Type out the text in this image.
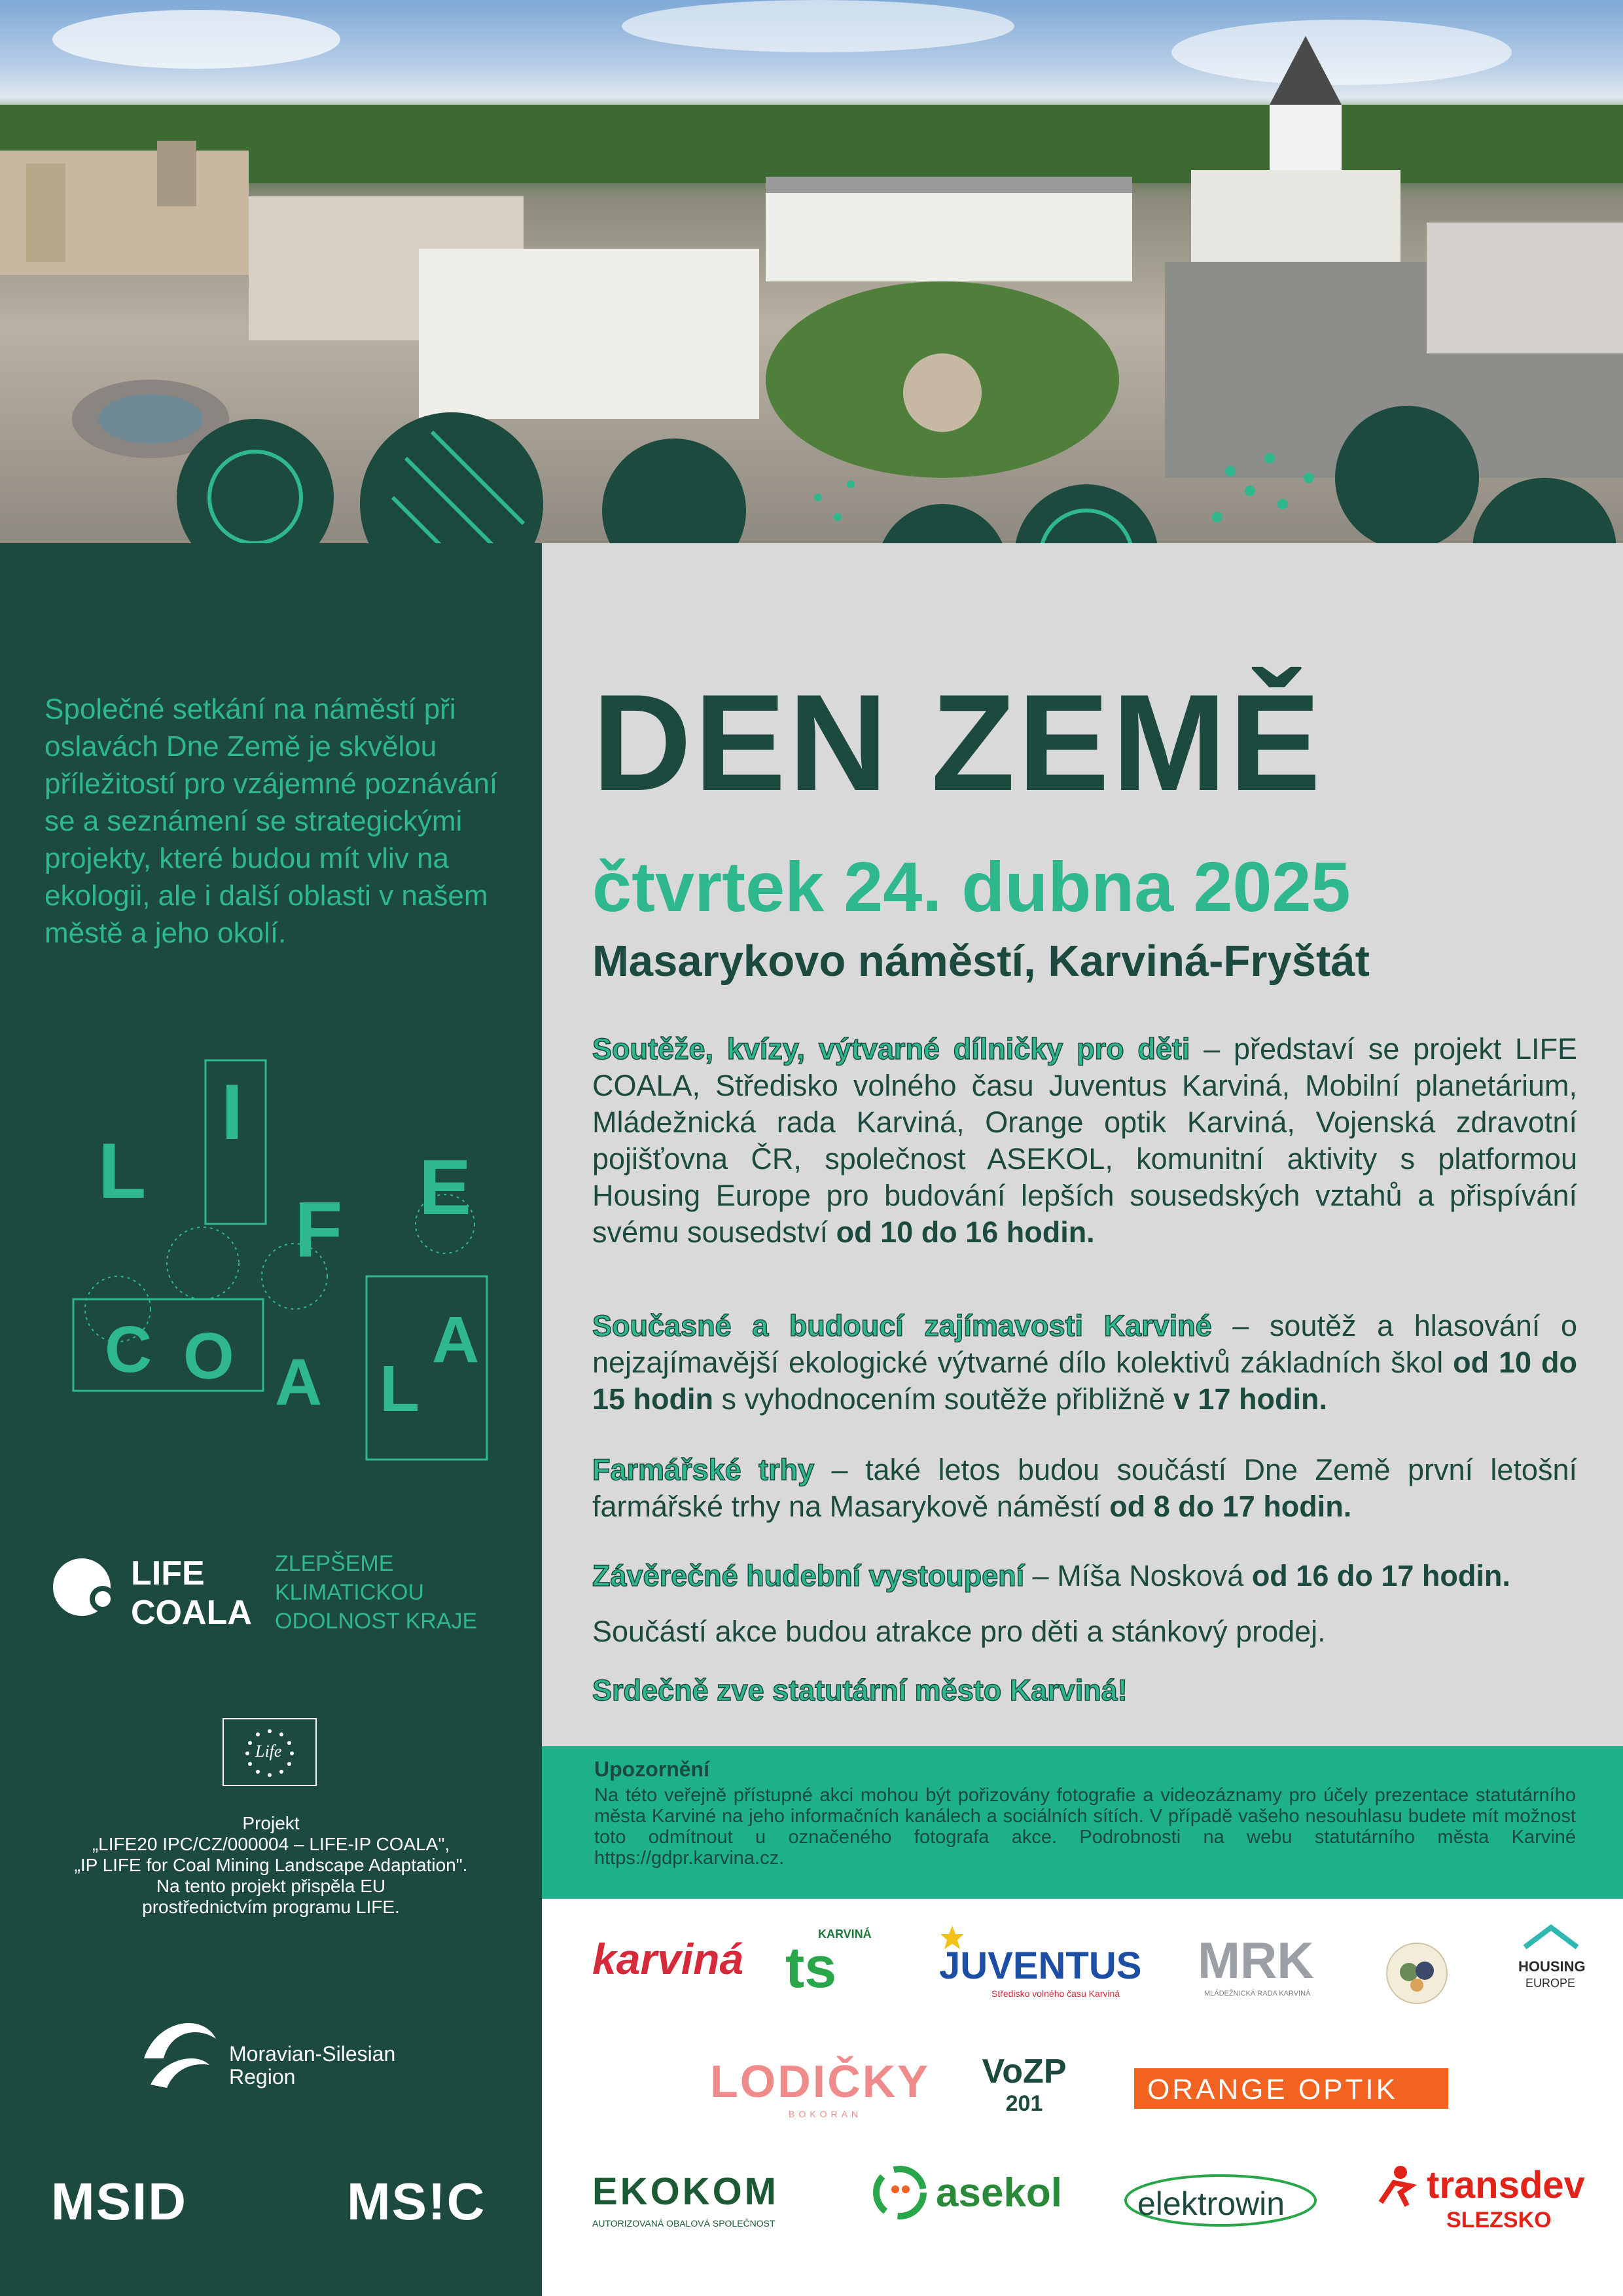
Společné setkání na náměstí při oslavách Dne Země je skvělou příležitostí pro vzájemné poznávání se a seznámení se strategickými projekty, které budou mít vliv na ekologii, ale i další oblasti v našem městě a jeho okolí.
L
I
F E
C O A L
A
LIFE
COALA
ZLEPŠEME
KLIMATICKOU
ODOLNOST KRAJE
Life
Projekt
„LIFE20 IPC/CZ/000004 – LIFE-IP COALA",
„IP LIFE for Coal Mining Landscape Adaptation".
Na tento projekt přispěla EU
prostřednictvím programu LIFE.
Moravian-Silesian
Region
MSID	MS!C
DEN ZEMĚ
čtvrtek 24. dubna 2025
Masarykovo náměstí, Karviná-Fryštát
Soutěže, kvízy, výtvarné dílničky pro děti – představí se projekt LIFE COALA, Středisko volného času Juventus Karviná, Mobilní planetárium, Mládežnická rada Karviná, Orange optik Karviná, Vojenská zdravotní pojišťovna ČR, společnost ASEKOL, komunitní aktivity s platformou Housing Europe pro budování lepších sousedských vztahů a přispívání svému sousedství od 10 do 16 hodin.
Současné a budoucí zajímavosti Karviné – soutěž a hlasování o nejzajímavější ekologické výtvarné dílo kolektivů základních škol od 10 do 15 hodin s vyhodnocením soutěže přibližně v 17 hodin.
Farmářské trhy – také letos budou součástí Dne Země první letošní farmářské trhy na Masarykově náměstí od 8 do 17 hodin.
Závěrečné hudební vystoupení – Míša Nosková od 16 do 17 hodin.
Součástí akce budou atrakce pro děti a stánkový prodej.
Srdečně zve statutární město Karviná!
Upozornění
Na této veřejně přístupné akci mohou být pořizovány fotografie a videozáznamy pro účely prezentace statutárního města Karviné na jeho informačních kanálech a sociálních sítích. V případě vašeho nesouhlasu budete mít možnost toto odmítnout u označeného fotografa akce. Podrobnosti na webu statutárního města Karviné https://gdpr.karvina.cz.
karviná
KARVINÁ
ts	JUVENTUS
Středisko volného času Karviná
MRK
MLÁDEŽNICKÁ RADA KARVINÁ
HOUSING
EUROPE
LODIČKY
BOKORAN
VoZP
201	ORANGE OPTIK
EKOKOM
AUTORIZOVANÁ OBALOVÁ SPOLEČNOST
asekol elektrowin	transdev
SLEZSKO
